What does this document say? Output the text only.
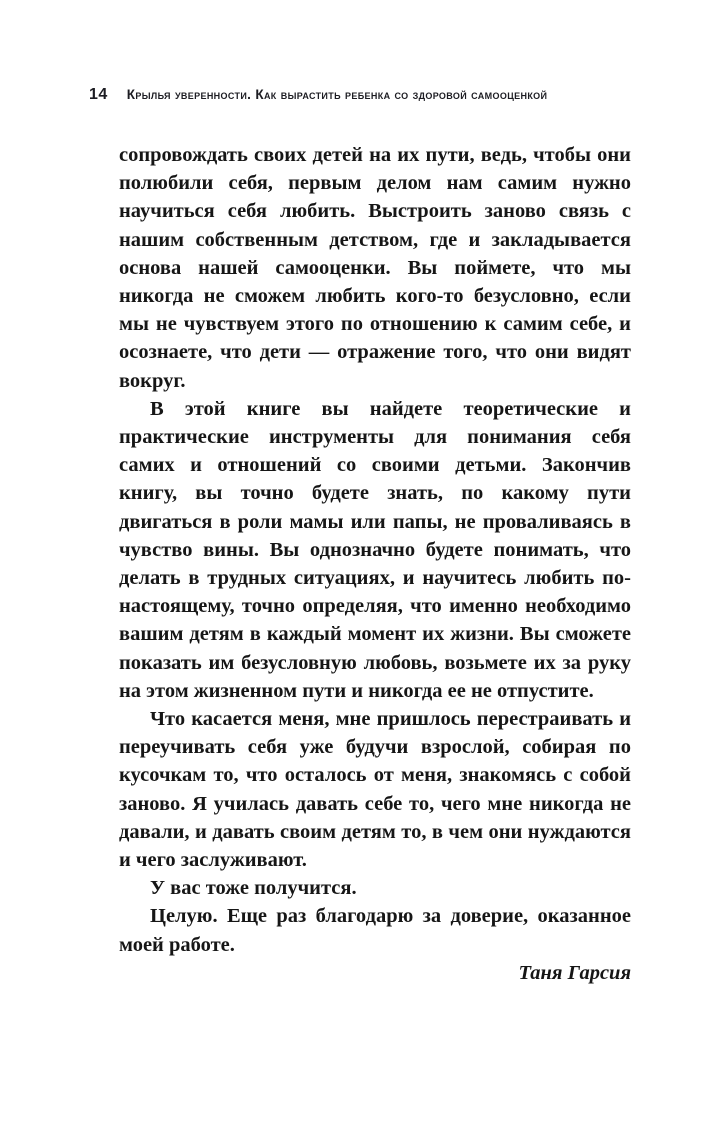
14 Крылья уверенности. Как вырастить ребенка со здоровой самооценкой

сопровождать своих детей на их пути, ведь, чтобы они полюбили себя, первым делом нам самим нужно научиться себя любить. Выстроить заново связь с нашим собственным детством, где и закладывается основа нашей самооценки. Вы поймете, что мы никогда не сможем любить кого-то безусловно, если мы не чувствуем этого по отношению к самим себе, и осознаете, что дети — отражение того, что они видят вокруг.

В этой книге вы найдете теоретические и практические инструменты для понимания себя самих и отношений со своими детьми. Закончив книгу, вы точно будете знать, по какому пути двигаться в роли мамы или папы, не проваливаясь в чувство вины. Вы однозначно будете понимать, что делать в трудных ситуациях, и научитесь любить по-настоящему, точно определяя, что именно необходимо вашим детям в каждый момент их жизни. Вы сможете показать им безусловную любовь, возьмете их за руку на этом жизненном пути и никогда ее не отпустите.

Что касается меня, мне пришлось перестраивать и переучивать себя уже будучи взрослой, собирая по кусочкам то, что осталось от меня, знакомясь с собой заново. Я училась давать себе то, чего мне никогда не давали, и давать своим детям то, в чем они нуждаются и чего заслуживают.

У вас тоже получится.

Целую. Еще раз благодарю за доверие, оказанное моей работе.

Таня Гарсия
